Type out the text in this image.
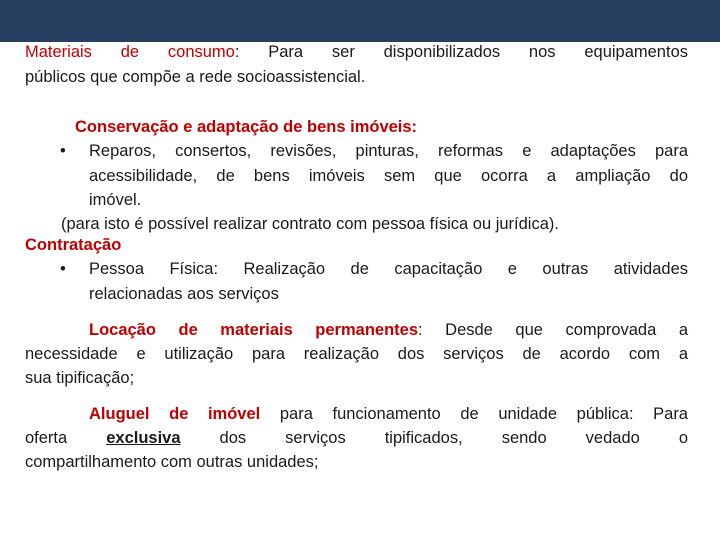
Materiais de consumo: Para ser disponibilizados nos equipamentos

públicos que compõe a rede socioassistencial.

Conservação e adaptação de bens imóveis:

• Reparos, consertos, revisões, pinturas, reformas e adaptações para

acessibilidade, de bens imóveis sem que ocorra a ampliação do

imóvel.

(para isto é possível realizar contrato com pessoa física ou jurídica).

Contratação

• Pessoa Física: Realização de capacitação e outras atividades

relacionadas aos serviços

Locação de materiais permanentes: Desde que comprovada a

necessidade e utilização para realização dos serviços de acordo com a

sua tipificação;

Aluguel de imóvel para funcionamento de unidade pública: Para

oferta exclusiva dos serviços tipificados, sendo vedado o

compartilhamento com outras unidades;
